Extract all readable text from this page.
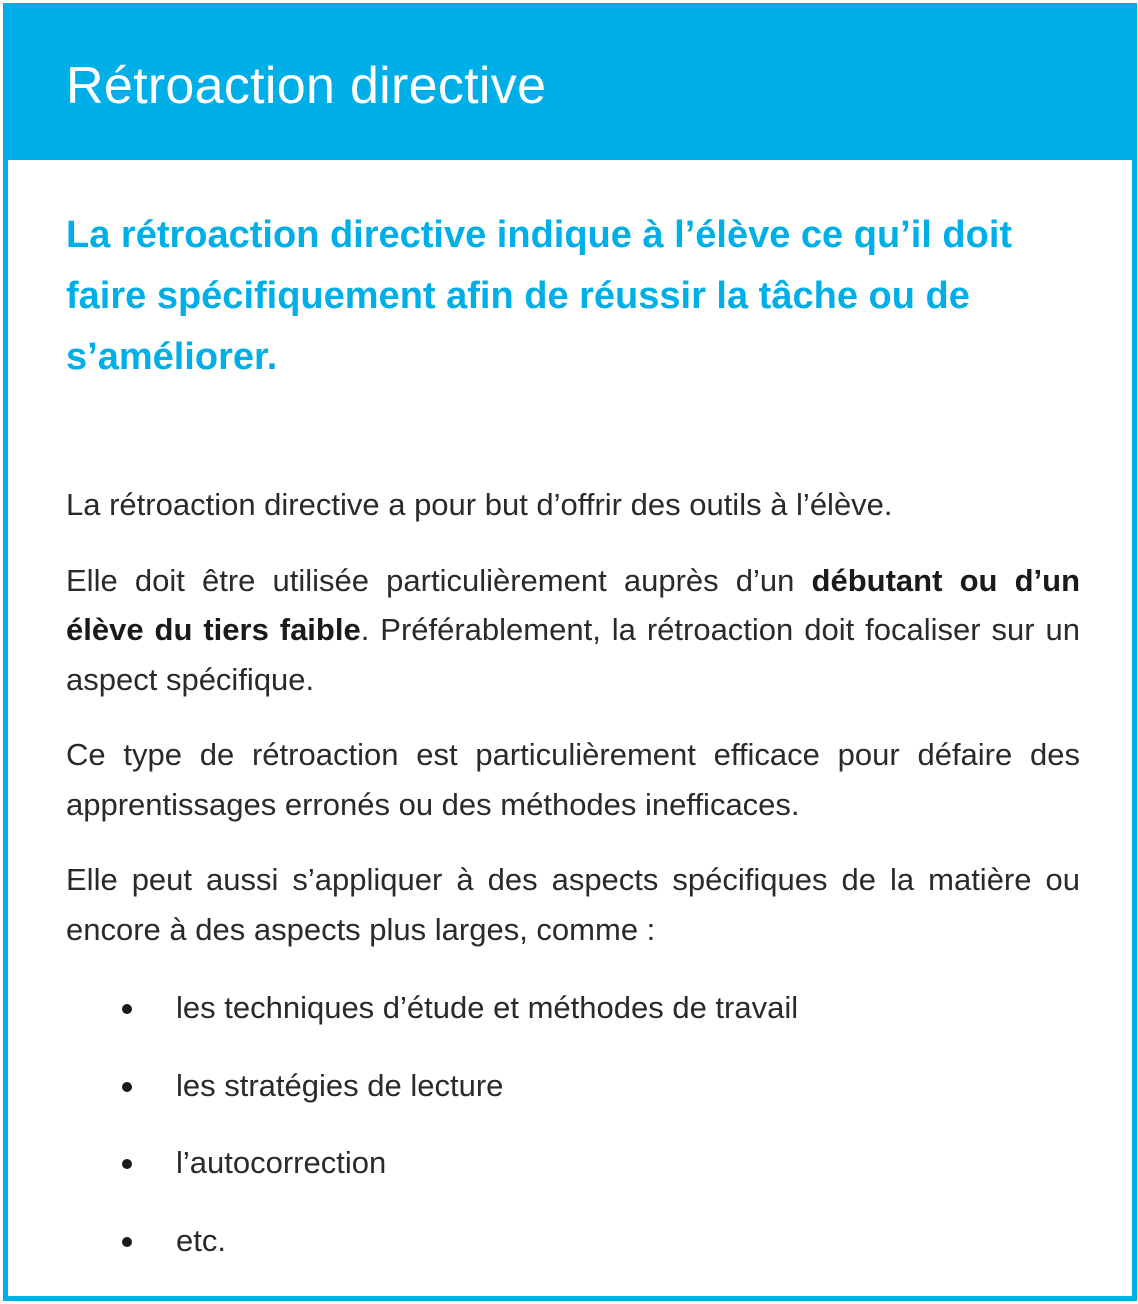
Rétroaction directive

La rétroaction directive indique à l’élève ce qu’il doit faire spécifiquement afin de réussir la tâche ou de s’améliorer.

La rétroaction directive a pour but d’offrir des outils à l’élève.

Elle doit être utilisée particulièrement auprès d’un débutant ou d’un élève du tiers faible. Préférablement, la rétroaction doit focaliser sur un aspect spécifique.

Ce type de rétroaction est particulièrement efficace pour défaire des apprentissages erronés ou des méthodes inefficaces.

Elle peut aussi s’appliquer à des aspects spécifiques de la matière ou encore à des aspects plus larges, comme :

les techniques d’étude et méthodes de travail
les stratégies de lecture
l’autocorrection
etc.
